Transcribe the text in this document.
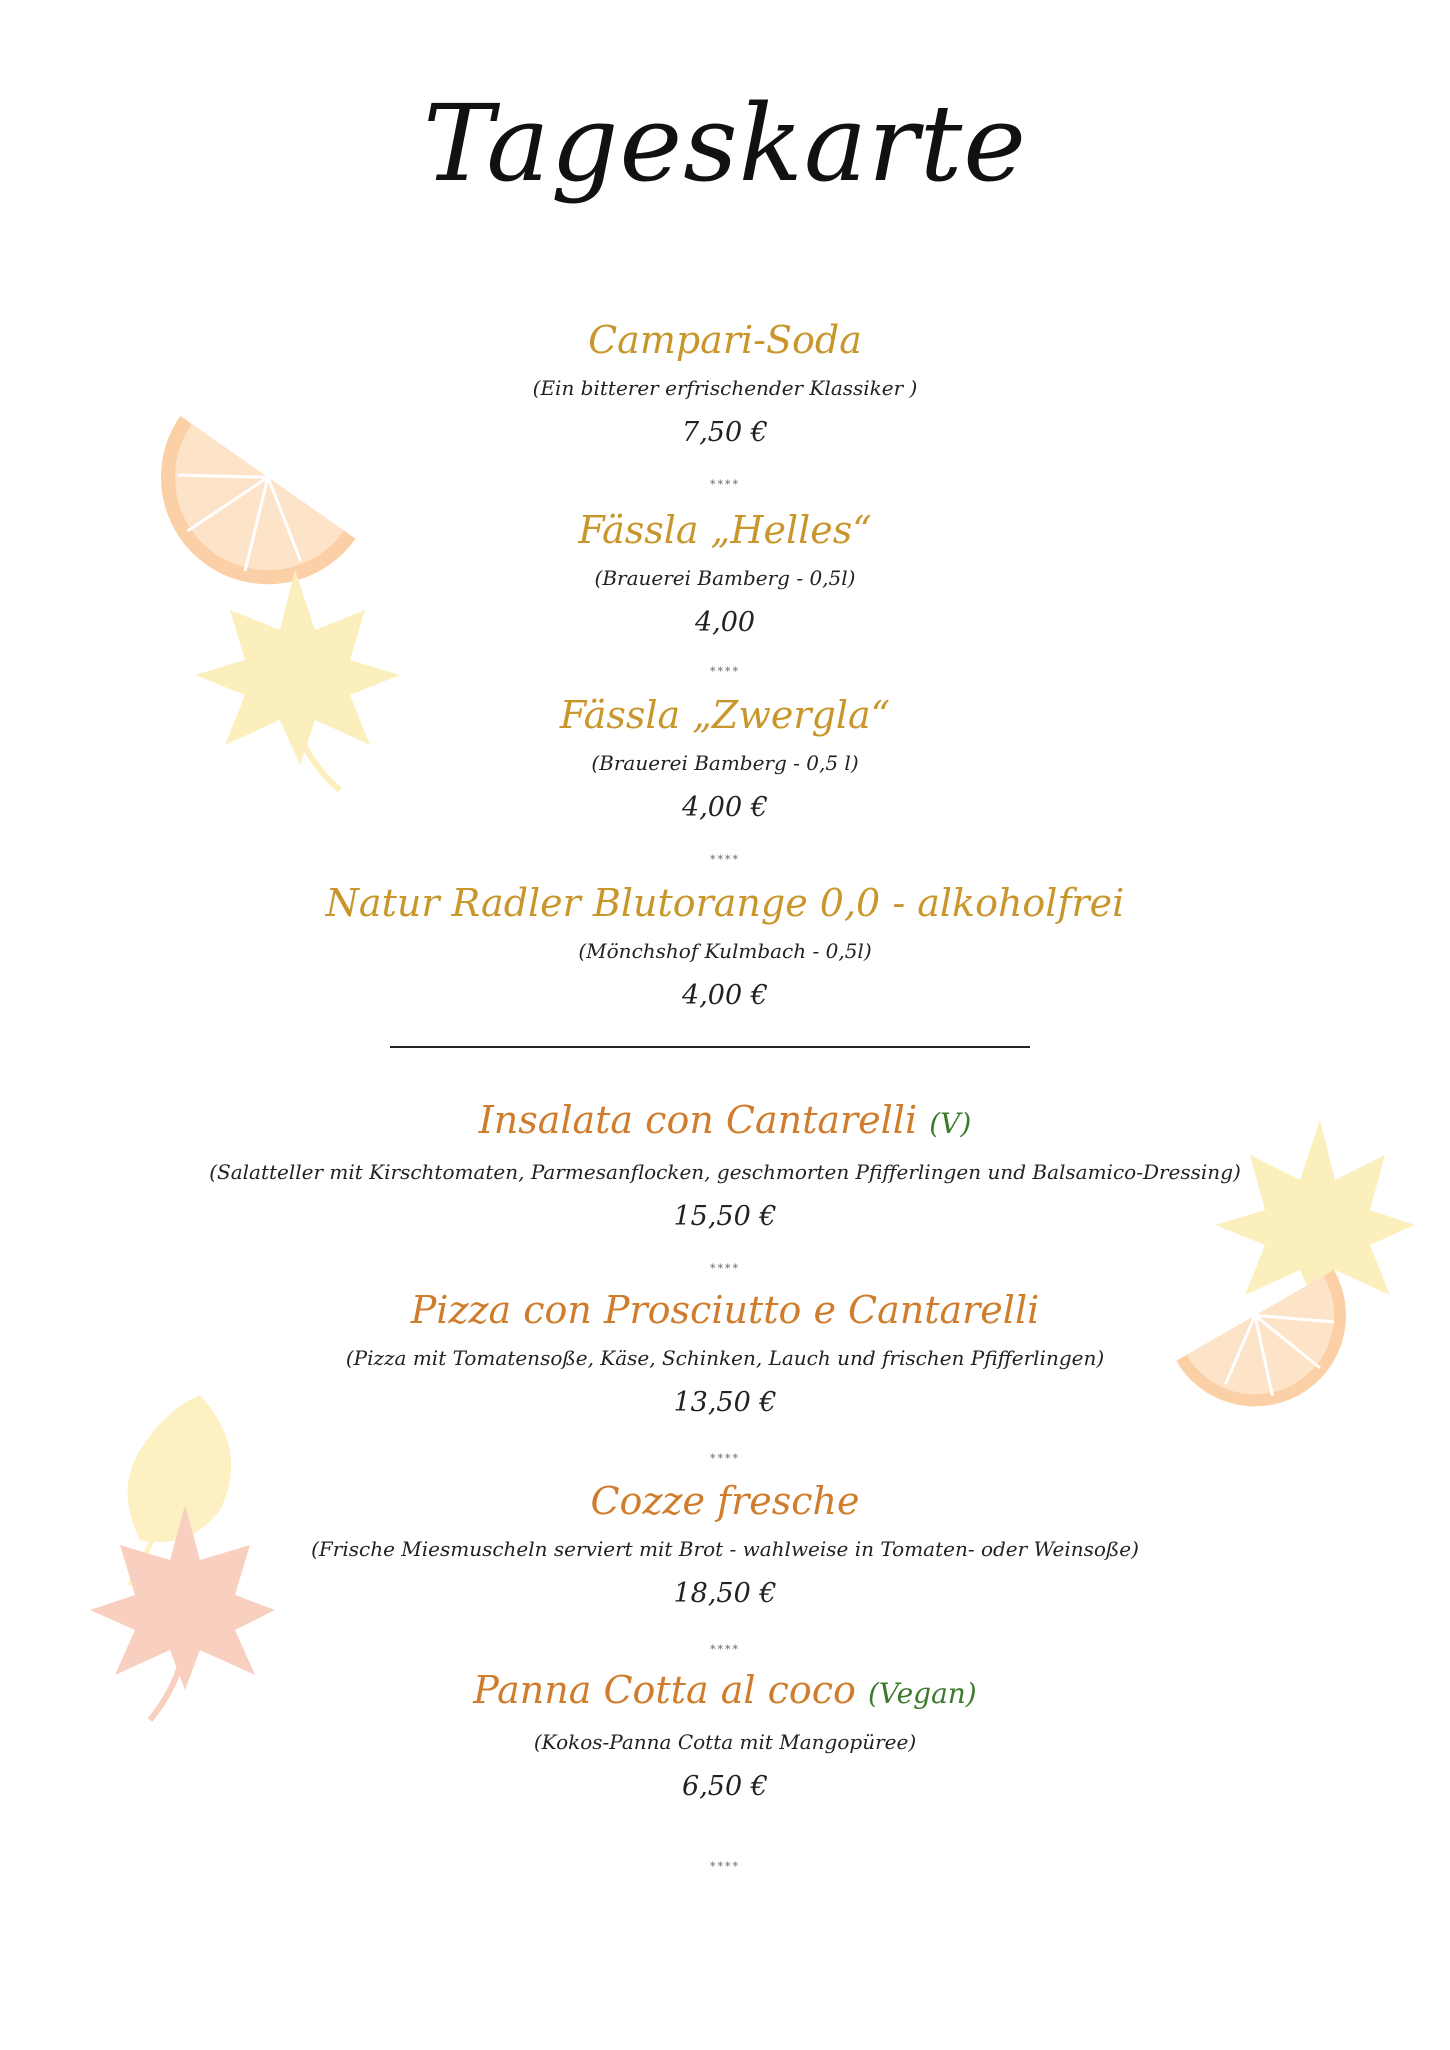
Tageskarte
Campari-Soda
(Ein bitterer erfrischender Klassiker )
7,50 €
****
Fässla „Helles“
(Brauerei Bamberg - 0,5l)
4,00
****
Fässla „Zwergla“
(Brauerei Bamberg - 0,5 l)
4,00 €
****
Natur Radler Blutorange 0,0 - alkoholfrei
(Mönchshof Kulmbach - 0,5l)
4,00 €
Insalata con Cantarelli (V)
(Salatteller mit Kirschtomaten, Parmesanflocken, geschmorten Pfifferlingen und Balsamico-Dressing)
15,50 €
****
Pizza con Prosciutto e Cantarelli
(Pizza mit Tomatensoße, Käse, Schinken, Lauch und frischen Pfifferlingen)
13,50 €
****
Cozze fresche
(Frische Miesmuscheln serviert mit Brot - wahlweise in Tomaten- oder Weinsoße)
18,50 €
****
Panna Cotta al coco (Vegan)
(Kokos-Panna Cotta mit Mangopüree)
6,50 €
****
